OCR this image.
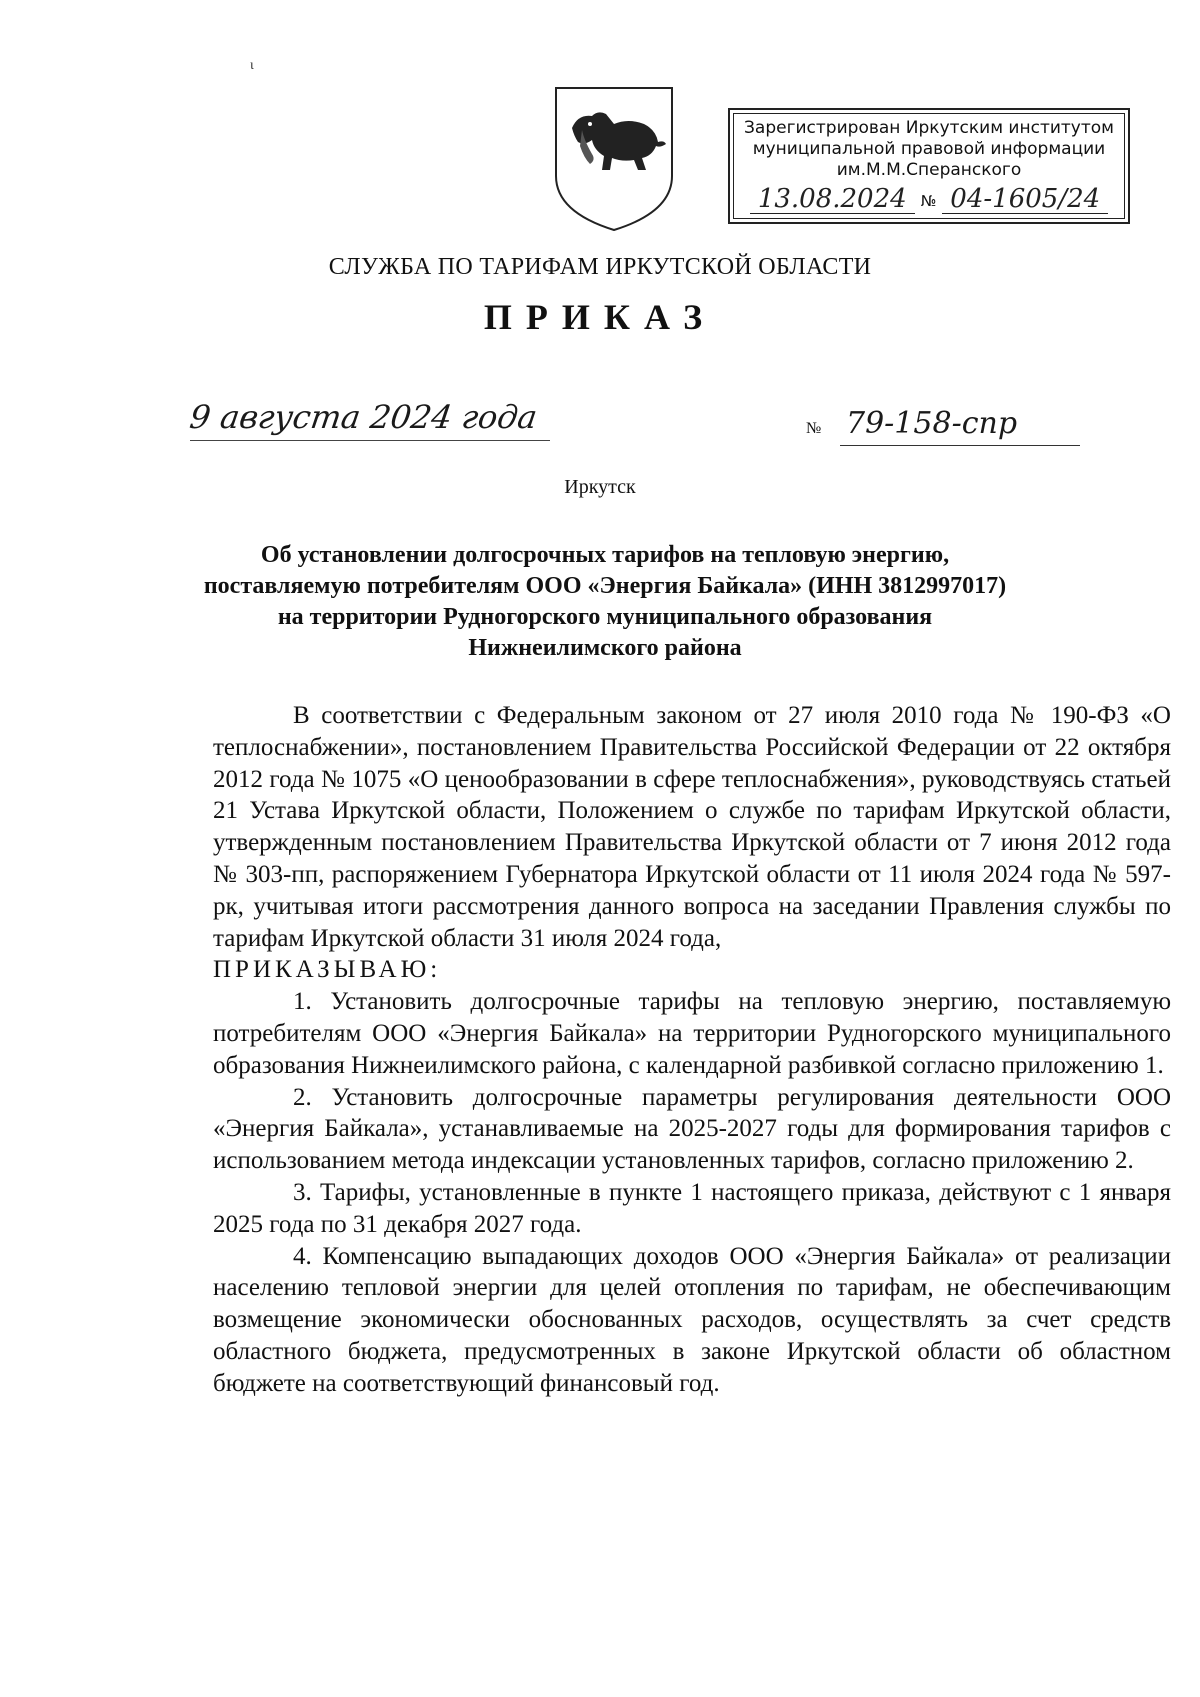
ι
Зарегистрирован Иркутским институтом
муниципальной правовой информации
им.М.М.Сперанского
13.08.2024 № 04-1605/24
СЛУЖБА ПО ТАРИФАМ ИРКУТСКОЙ ОБЛАСТИ
ПРИКАЗ
9 августа 2024 года	№ 79-158-спр
Иркутск
Об установлении долгосрочных тарифов на тепловую энергию,
поставляемую потребителям ООО «Энергия Байкала» (ИНН 3812997017)
на территории Рудногорского муниципального образования
Нижнеилимского района

В соответствии с Федеральным законом от 27 июля 2010 года № 190-ФЗ «О теплоснабжении», постановлением Правительства Российской Федерации от 22 октября 2012 года № 1075 «О ценообразовании в сфере теплоснабжения», руководствуясь статьей 21 Устава Иркутской области, Положением о службе по тарифам Иркутской области, утвержденным постановлением Правительства Иркутской области от 7 июня 2012 года № 303-пп, распоряжением Губернатора Иркутской области от 11 июля 2024 года № 597-рк, учитывая итоги рассмотрения данного вопроса на заседании Правления службы по тарифам Иркутской области 31 июля 2024 года,

ПРИКАЗЫВАЮ:

1. Установить долгосрочные тарифы на тепловую энергию, поставляемую потребителям ООО «Энергия Байкала» на территории Рудногорского муниципального образования Нижнеилимского района, с календарной разбивкой согласно приложению 1.

2. Установить долгосрочные параметры регулирования деятельности ООО «Энергия Байкала», устанавливаемые на 2025-2027 годы для формирования тарифов с использованием метода индексации установленных тарифов, согласно приложению 2.

3. Тарифы, установленные в пункте 1 настоящего приказа, действуют с 1 января 2025 года по 31 декабря 2027 года.

4. Компенсацию выпадающих доходов ООО «Энергия Байкала» от реализации населению тепловой энергии для целей отопления по тарифам, не обеспечивающим возмещение экономически обоснованных расходов, осуществлять за счет средств областного бюджета, предусмотренных в законе Иркутской области об областном бюджете на соответствующий финансовый год.
